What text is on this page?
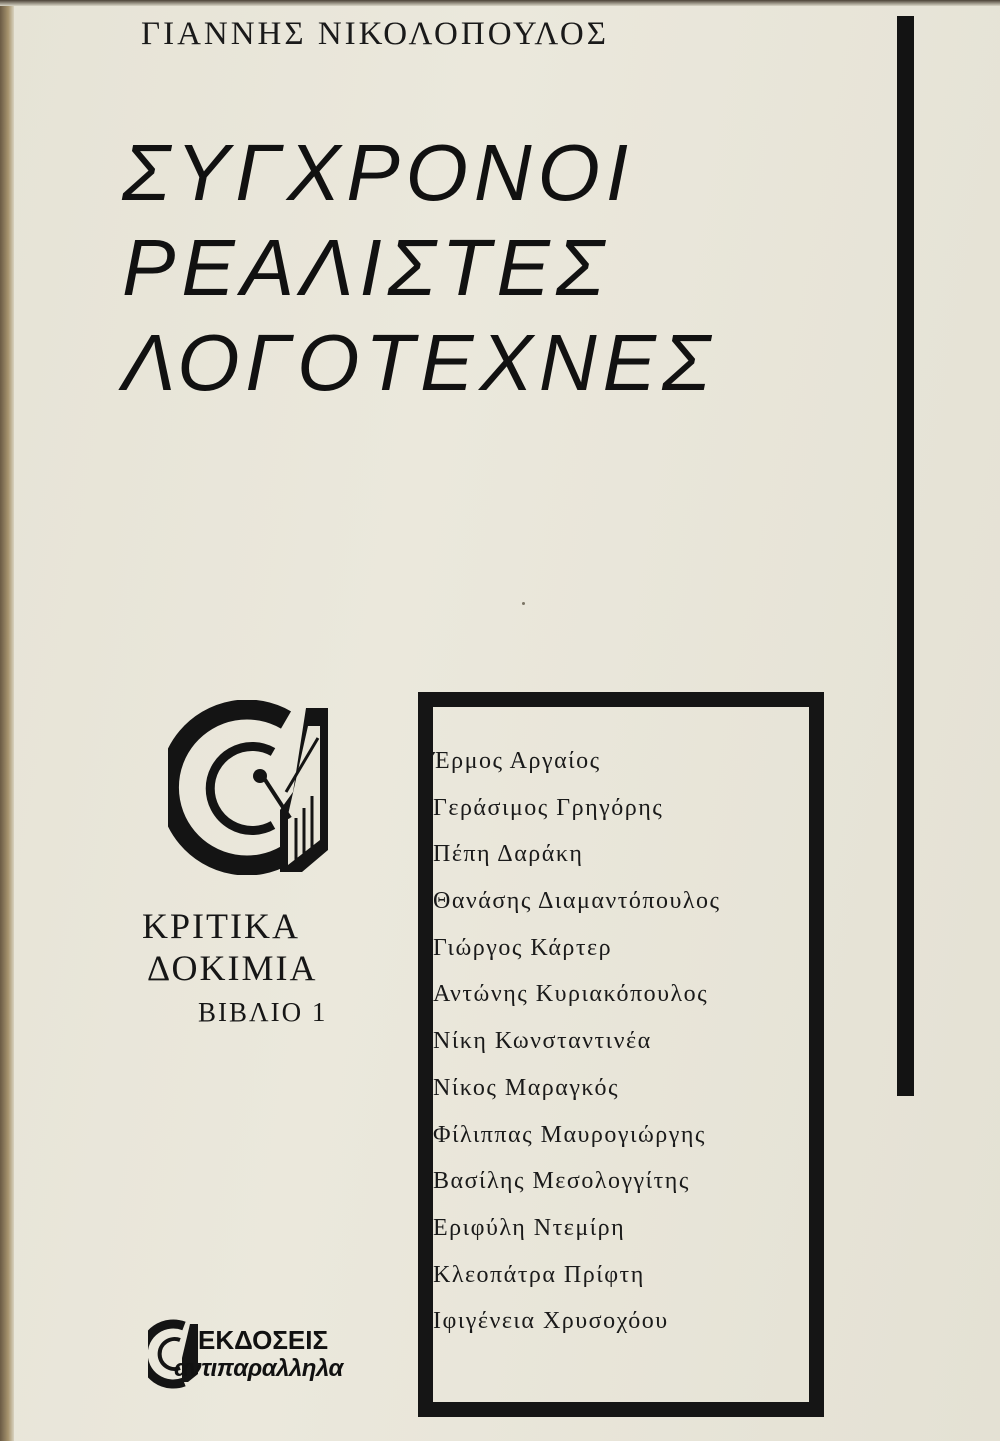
ΓΙΑΝΝΗΣ ΝΙΚΟΛΟΠΟΥΛΟΣ
ΣΥΓΧΡΟΝΟΙ
ΡΕΑΛΙΣΤΕΣ
ΛΟΓΟΤΕΧΝΕΣ
ΚΡΙΤΙΚΑ
ΔΟΚΙΜΙΑ
ΒΙΒΛΙΟ 1
Έρμος Αργαίος
Γεράσιμος Γρηγόρης
Πέπη Δαράκη
Θανάσης Διαμαντόπουλος
Γιώργος Κάρτερ
Αντώνης Κυριακόπουλος
Νίκη Κωνσταντινέα
Νίκος Μαραγκός
Φίλιππας Μαυρογιώργης
Βασίλης Μεσολογγίτης
Εριφύλη Ντεμίρη
Κλεοπάτρα Πρίφτη
Ιφιγένεια Χρυσοχόου
ΕΚΔΟΣΕΙΣ
αντιπαραλληλα
